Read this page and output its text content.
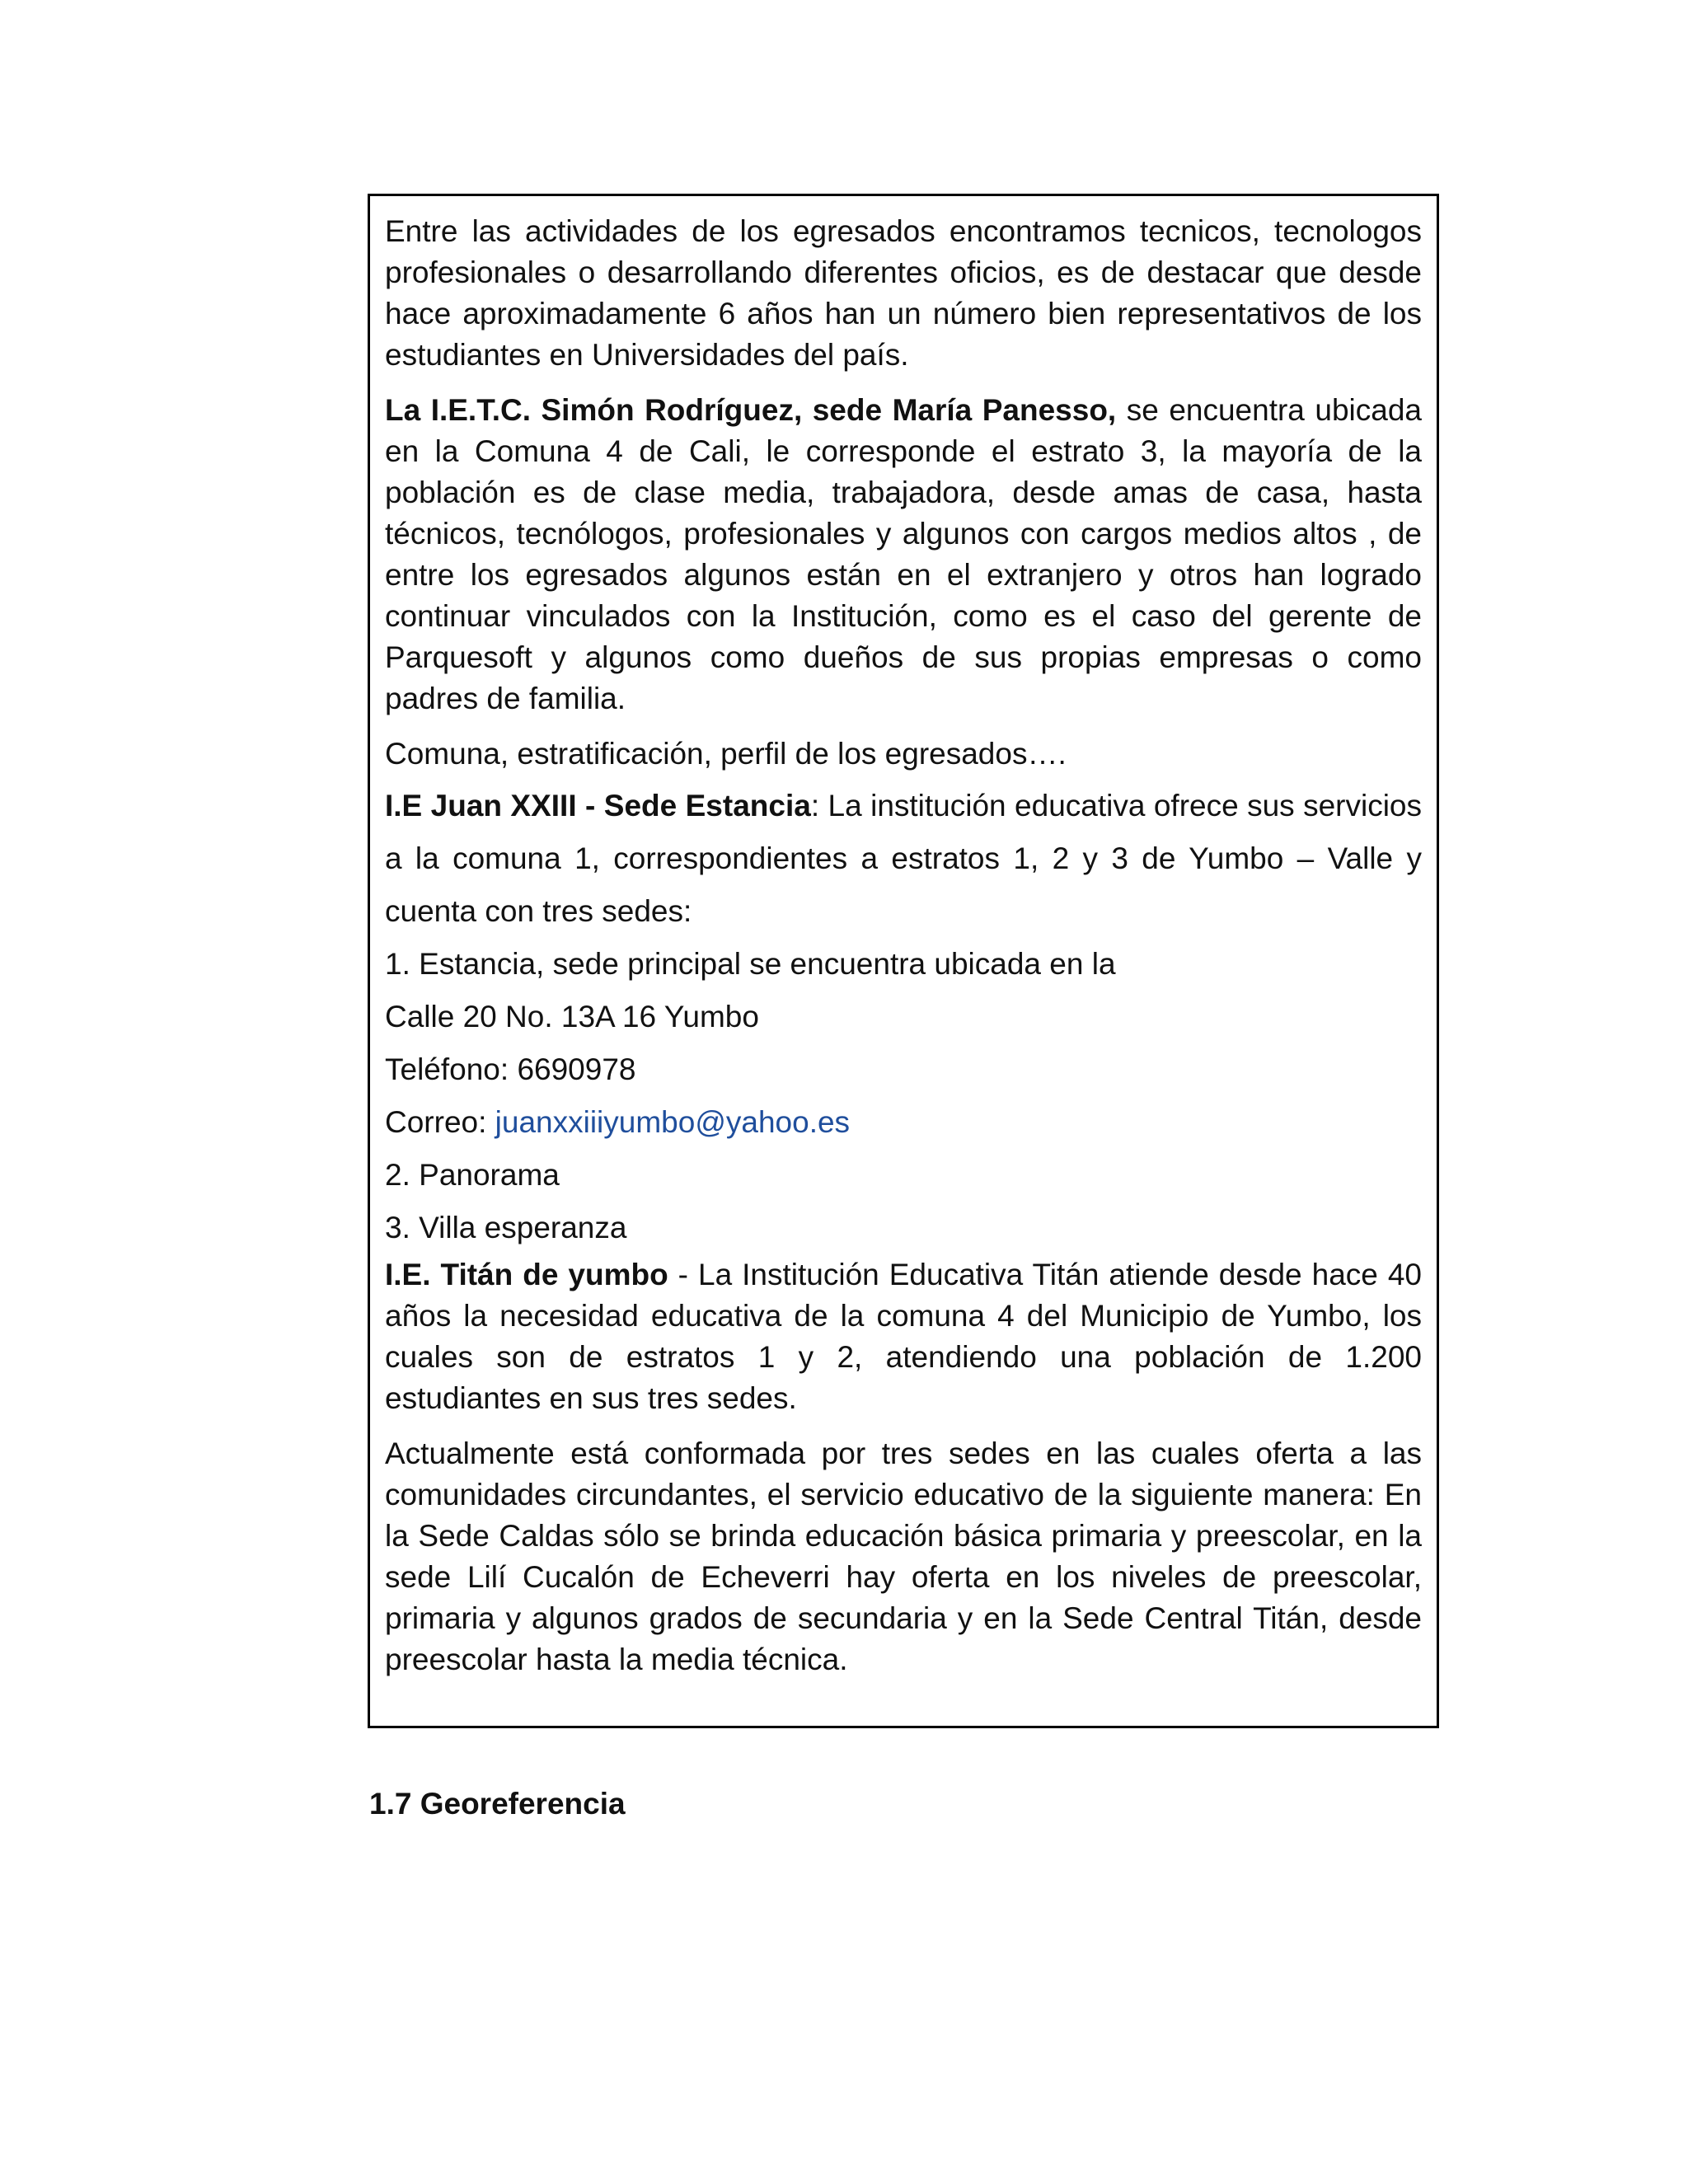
Entre las actividades de los egresados encontramos tecnicos, tecnologos profesionales o desarrollando diferentes oficios, es de destacar que desde hace aproximadamente 6 años han un número bien representativos de los estudiantes en Universidades del país.

La I.E.T.C. Simón Rodríguez, sede María Panesso, se encuentra ubicada en la Comuna 4 de Cali, le corresponde el estrato 3, la mayoría de la población es de clase media, trabajadora, desde amas de casa, hasta técnicos, tecnólogos, profesionales y algunos con cargos medios altos , de entre los egresados algunos están en el extranjero y otros han logrado continuar vinculados con la Institución, como es el caso del gerente de Parquesoft y algunos como dueños de sus propias empresas o como padres de familia.

Comuna, estratificación, perfil de los egresados….

I.E Juan XXIII - Sede Estancia: La institución educativa ofrece sus servicios a la comuna 1, correspondientes a estratos 1, 2 y 3 de Yumbo – Valle y cuenta con tres sedes:

1. Estancia, sede principal se encuentra ubicada en la

Calle 20 No. 13A 16 Yumbo

Teléfono: 6690978

Correo: juanxxiiiyumbo@yahoo.es

2. Panorama

3. Villa esperanza

I.E. Titán de yumbo - La Institución Educativa Titán atiende desde hace 40 años la necesidad educativa de la comuna 4 del Municipio de Yumbo, los cuales son de estratos 1 y 2, atendiendo una población de 1.200 estudiantes en sus tres sedes.

Actualmente está conformada por tres sedes en las cuales oferta a las comunidades circundantes, el servicio educativo de la siguiente manera: En la Sede Caldas sólo se brinda educación básica primaria y preescolar, en la sede Lilí Cucalón de Echeverri hay oferta en los niveles de preescolar, primaria y algunos grados de secundaria y en la Sede Central Titán, desde preescolar hasta la media técnica.

1.7 Georeferencia
